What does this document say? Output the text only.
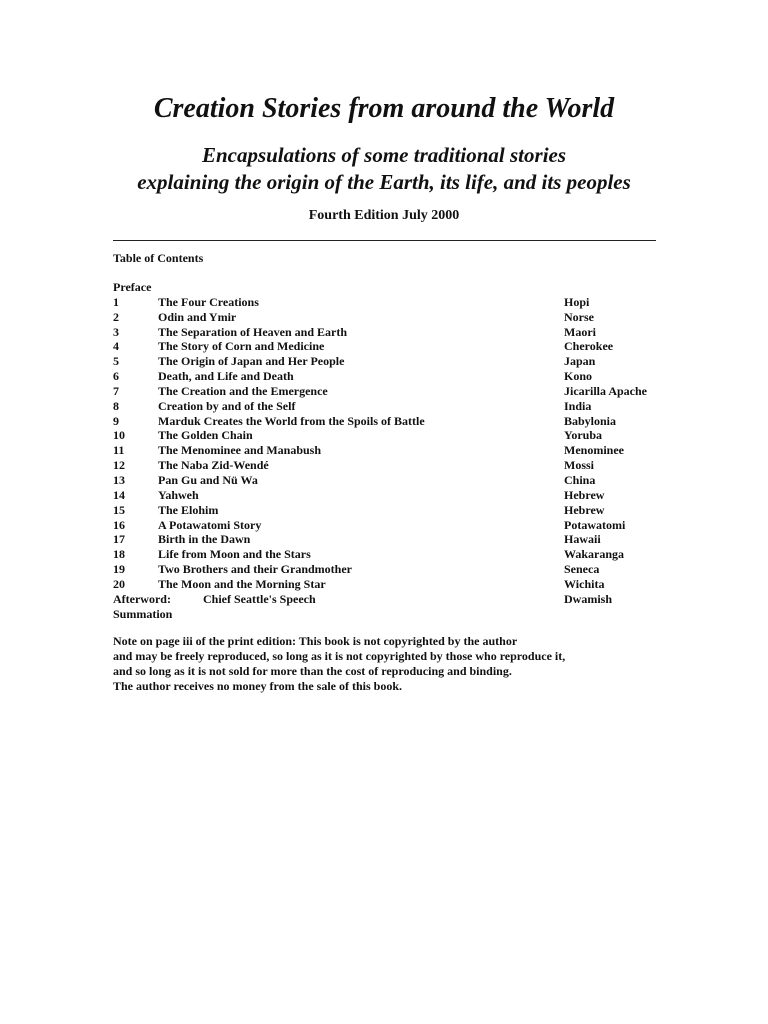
Creation Stories from around the World
Encapsulations of some traditional stories
explaining the origin of the Earth, its life, and its peoples
Fourth Edition July 2000
Table of Contents
Preface
1	The Four Creations	Hopi
2	Odin and Ymir	Norse
3	The Separation of Heaven and Earth	Maori
4	The Story of Corn and Medicine	Cherokee
5	The Origin of Japan and Her People	Japan
6	Death, and Life and Death	Kono
7	The Creation and the Emergence	Jicarilla Apache
8	Creation by and of the Self	India
9	Marduk Creates the World from the Spoils of Battle	Babylonia
10	The Golden Chain	Yoruba
11	The Menominee and Manabush	Menominee
12	The Naba Zid-Wendé	Mossi
13	Pan Gu and Nü Wa	China
14	Yahweh	Hebrew
15	The Elohim	Hebrew
16	A Potawatomi Story	Potawatomi
17	Birth in the Dawn	Hawaii
18	Life from Moon and the Stars	Wakaranga
19	Two Brothers and their Grandmother	Seneca
20	The Moon and the Morning Star	Wichita
Afterword:	Chief Seattle's Speech	Dwamish
Summation
Note on page iii of the print edition: This book is not copyrighted by the author
and may be freely reproduced, so long as it is not copyrighted by those who reproduce it,
and so long as it is not sold for more than the cost of reproducing and binding.
The author receives no money from the sale of this book.
